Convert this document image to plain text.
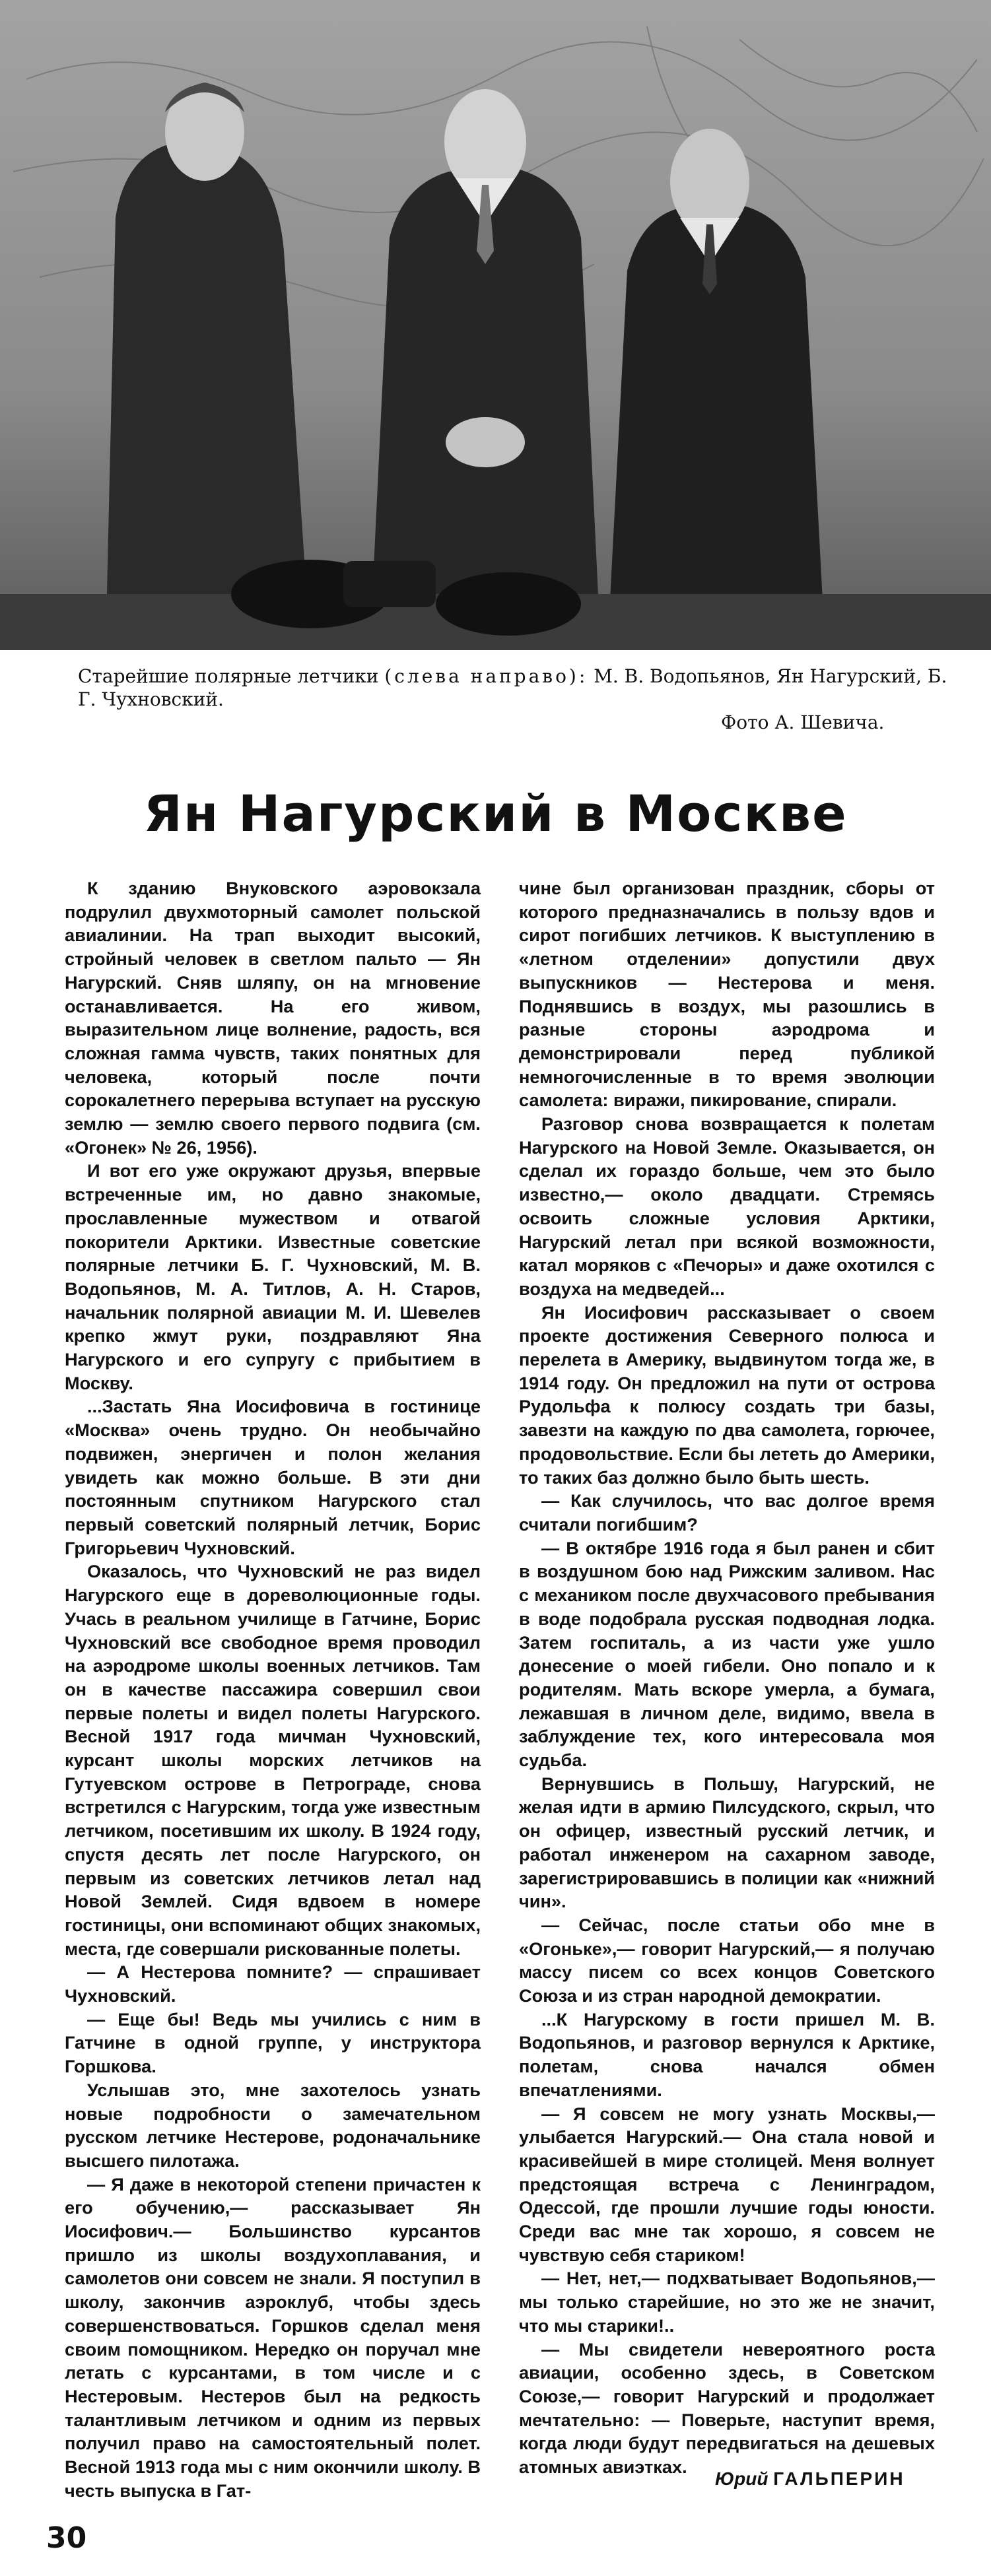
Старейшие полярные летчики (слева направо): М. В. Водопьянов, Ян Нагурский, Б. Г. Чухновский.
Фото А. Шевича.
Ян Нагурский в Москве

К зданию Внуковского аэровокзала подрулил двухмоторный самолет польской авиалинии. На трап выходит высокий, стройный человек в светлом пальто — Ян Нагурский. Сняв шляпу, он на мгновение останавливается. На его живом, выразительном лице волнение, радость, вся сложная гамма чувств, таких понятных для человека, который после почти сорокалетнего перерыва вступает на русскую землю — землю своего первого подвига (см. «Огонек» № 26, 1956).

И вот его уже окружают друзья, впервые встреченные им, но давно знакомые, прославленные мужеством и отвагой покорители Арктики. Известные советские полярные летчики Б. Г. Чухновский, М. В. Водопьянов, М. А. Титлов, А. Н. Старов, начальник полярной авиации М. И. Шевелев крепко жмут руки, поздравляют Яна Нагурского и его супругу с прибытием в Москву.

...Застать Яна Иосифовича в гостинице «Москва» очень трудно. Он необычайно подвижен, энергичен и полон желания увидеть как можно больше. В эти дни постоянным спутником Нагурского стал первый советский полярный летчик, Борис Григорьевич Чухновский.

Оказалось, что Чухновский не раз видел Нагурского еще в дореволюционные годы. Учась в реальном училище в Гатчине, Борис Чухновский все свободное время проводил на аэродроме школы военных летчиков. Там он в качестве пассажира совершил свои первые полеты и видел полеты Нагурского. Весной 1917 года мичман Чухновский, курсант школы морских летчиков на Гутуевском острове в Петрограде, снова встретился с Нагурским, тогда уже известным летчиком, посетившим их школу. В 1924 году, спустя десять лет после Нагурского, он первым из советских летчиков летал над Новой Землей. Сидя вдвоем в номере гостиницы, они вспоминают общих знакомых, места, где совершали рискованные полеты.

— А Нестерова помните? — спрашивает Чухновский.

— Еще бы! Ведь мы учились с ним в Гатчине в одной группе, у инструктора Горшкова.

Услышав это, мне захотелось узнать новые подробности о замечательном русском летчике Нестерове, родоначальнике высшего пилотажа.

— Я даже в некоторой степени причастен к его обучению,— рассказывает Ян Иосифович.— Большинство курсантов пришло из школы воздухоплавания, и самолетов они совсем не знали. Я поступил в школу, закончив аэроклуб, чтобы здесь совершенствоваться. Горшков сделал меня своим помощником. Нередко он поручал мне летать с курсантами, в том числе и с Нестеровым. Нестеров был на редкость талантливым летчиком и одним из первых получил право на самостоятельный полет. Весной 1913 года мы с ним окончили школу. В честь выпуска в Гат-

чине был организован праздник, сборы от которого предназначались в пользу вдов и сирот погибших летчиков. К выступлению в «летном отделении» допустили двух выпускников — Нестерова и меня. Поднявшись в воздух, мы разошлись в разные стороны аэродрома и демонстрировали перед публикой немногочисленные в то время эволюции самолета: виражи, пикирование, спирали.

Разговор снова возвращается к полетам Нагурского на Новой Земле. Оказывается, он сделал их гораздо больше, чем это было известно,— около двадцати. Стремясь освоить сложные условия Арктики, Нагурский летал при всякой возможности, катал моряков с «Печоры» и даже охотился с воздуха на медведей...

Ян Иосифович рассказывает о своем проекте достижения Северного полюса и перелета в Америку, выдвинутом тогда же, в 1914 году. Он предложил на пути от острова Рудольфа к полюсу создать три базы, завезти на каждую по два самолета, горючее, продовольствие. Если бы лететь до Америки, то таких баз должно было быть шесть.

— Как случилось, что вас долгое время считали погибшим?

— В октябре 1916 года я был ранен и сбит в воздушном бою над Рижским заливом. Нас с механиком после двухчасового пребывания в воде подобрала русская подводная лодка. Затем госпиталь, а из части уже ушло донесение о моей гибели. Оно попало и к родителям. Мать вскоре умерла, а бумага, лежавшая в личном деле, видимо, ввела в заблуждение тех, кого интересовала моя судьба.

Вернувшись в Польшу, Нагурский, не желая идти в армию Пилсудского, скрыл, что он офицер, известный русский летчик, и работал инженером на сахарном заводе, зарегистрировавшись в полиции как «нижний чин».

— Сейчас, после статьи обо мне в «Огоньке»,— говорит Нагурский,— я получаю массу писем со всех концов Советского Союза и из стран народной демократии.

...К Нагурскому в гости пришел М. В. Водопьянов, и разговор вернулся к Арктике, полетам, снова начался обмен впечатлениями.

— Я совсем не могу узнать Москвы,— улыбается Нагурский.— Она стала новой и красивейшей в мире столицей. Меня волнует предстоящая встреча с Ленинградом, Одессой, где прошли лучшие годы юности. Среди вас мне так хорошо, я совсем не чувствую себя стариком!

— Нет, нет,— подхватывает Водопьянов,— мы только старейшие, но это же не значит, что мы старики!..

— Мы свидетели невероятного роста авиации, особенно здесь, в Советском Союзе,— говорит Нагурский и продолжает мечтательно: — Поверьте, наступит время, когда люди будут передвигаться на дешевых атомных авиэтках.

Юрий ГАЛЬПЕРИН
30
